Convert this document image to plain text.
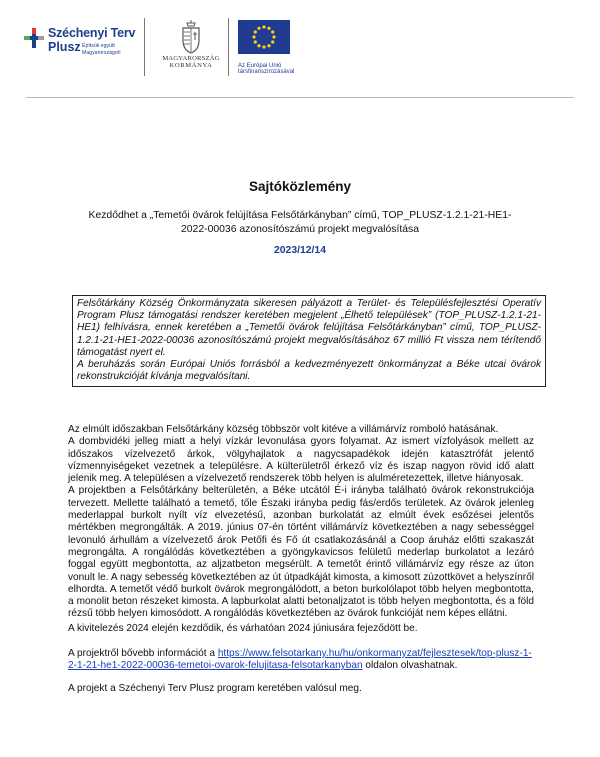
Széchenyi Terv
Plusz Építsük együtt
Magyarországot!
MAGYARORSZÁG
KORMÁNYA	Az Európai Unió
társfinanszírozásával
Sajtóközlemény
Kezdődhet a „Temetői övárok felújítása Felsőtárkányban” című, TOP_PLUSZ-1.2.1-21-HE1-2022-00036 azonosítószámú projekt megvalósítása
2023/12/14

Felsőtárkány Község Önkormányzata sikeresen pályázott a Terület- és Településfejlesztési Operatív Program Plusz támogatási rendszer keretében megjelent „Élhető települések” (TOP_PLUSZ-1.2.1-21-HE1) felhívásra, ennek keretében a „Temetői övárok felújítása Felsőtárkányban” című, TOP_PLUSZ-1.2.1-21-HE1-2022-00036 azonosítószámú projekt megvalósításához 67 millió Ft vissza nem térítendő támogatást nyert el.

A beruházás során Európai Uniós forrásból a kedvezményezett önkormányzat a Béke utcai övárok rekonstrukcióját kívánja megvalósítani.

Az elmúlt időszakban Felsőtárkány község többször volt kitéve a villámárvíz romboló hatásának.

A dombvidéki jelleg miatt a helyi vízkár levonulása gyors folyamat. Az ismert vízfolyások mellett az időszakos vízelvezető árkok, völgyhajlatok a nagycsapadékok idején katasztrófát jelentő vízmennyiségeket vezetnek a településre. A külterületről érkező víz és iszap nagyon rövid idő alatt jelenik meg. A településen a vízelvezető rendszerek több helyen is alulméretezettek, illetve hiányosak.

A projektben a Felsőtárkány belterületén, a Béke utcától É-i irányba található övárok rekonstrukciója tervezett. Mellette található a temető, tőle Északi irányba pedig fás/erdős területek. Az övárok jelenleg mederlappal burkolt nyílt víz elvezetésű, azonban burkolatát az elmúlt évek esőzései jelentős mértékben megrongálták. A 2019. június 07-én történt villámárvíz következtében a nagy sebességgel levonuló árhullám a vízelvezető árok Petőfi és Fő út csatlakozásánál a Coop áruház előtti szakaszát megrongálta. A rongálódás következtében a gyöngykavicsos felületű mederlap burkolatot a lezáró foggal együtt megbontotta, az aljzatbeton megsérült. A temetőt érintő villámárvíz egy része az úton vonult le. A nagy sebesség következtében az út útpadkáját kimosta, a kimosott zúzottkövet a helyszínről elhordta. A temetőt védő burkolt övárok megrongálódott, a beton burkolólapot több helyen megbontotta, a monolit beton részeket kimosta. A lapburkolat alatti betonaljzatot is több helyen megbontotta, és a föld rézsű több helyen kimosódott. A rongálódás következtében az övárok funkcióját nem képes ellátni.

A kivitelezés 2024 elején kezdődik, és várhatóan 2024 júniusára fejeződött be.
A projektről bővebb információt a https://www.felsotarkany.hu/hu/onkormanyzat/fejlesztesek/top-plusz-1-2-1-21-he1-2022-00036-temetoi-ovarok-felujitasa-felsotarkanyban oldalon olvashatnak.
A projekt a Széchenyi Terv Plusz program keretében valósul meg.
